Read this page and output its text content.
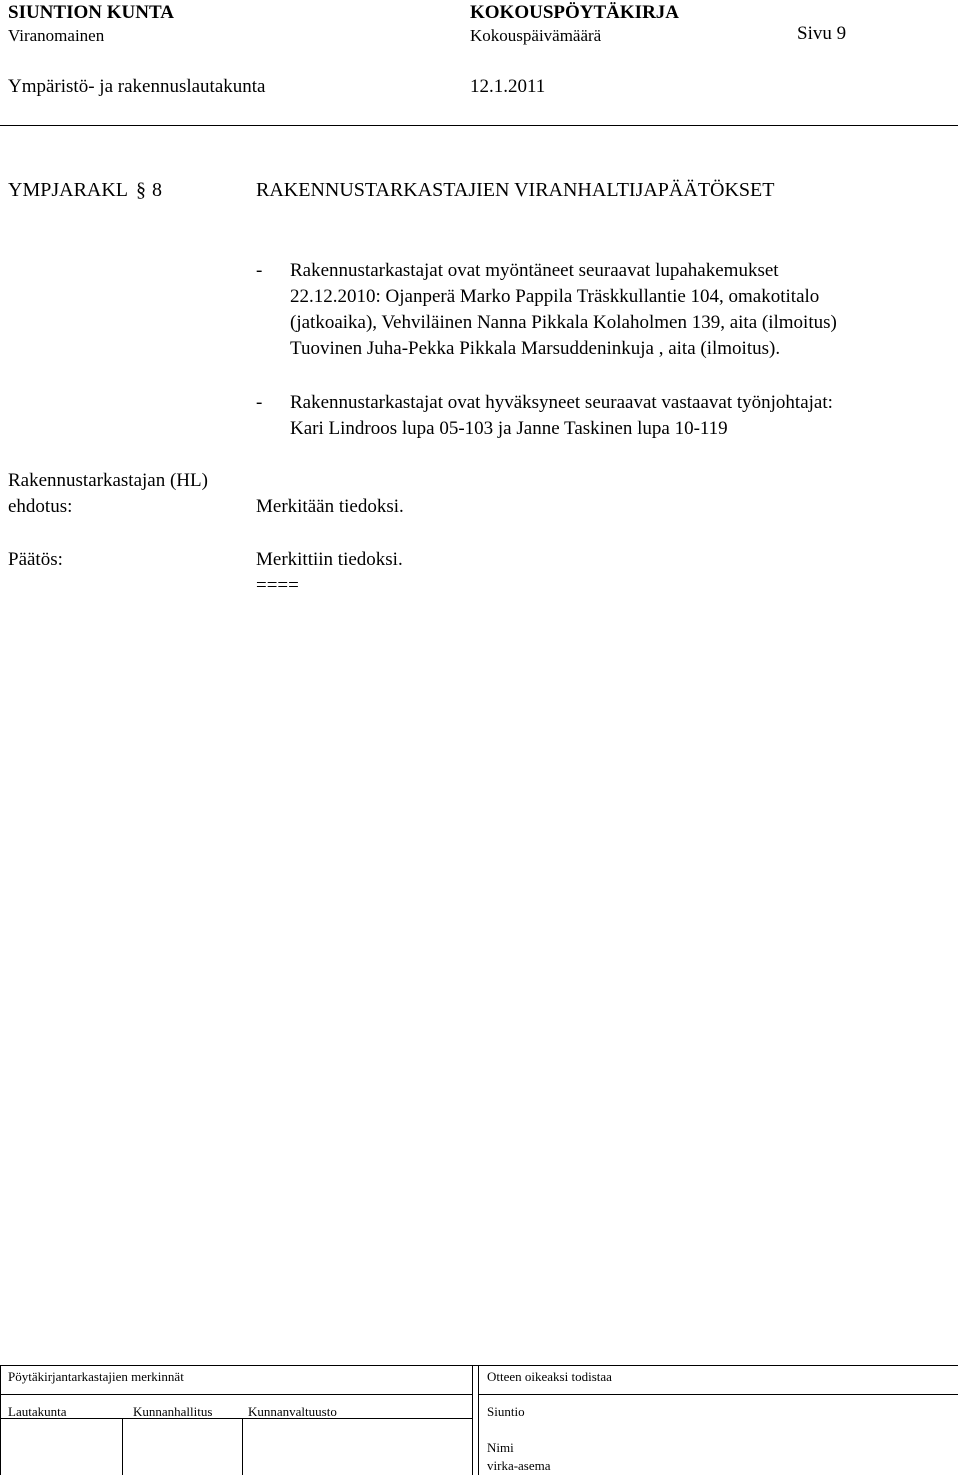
SIUNTION KUNTA	KOKOUSPÖYTÄKIRJA
Viranomainen	Kokouspäivämäärä	Sivu 9
Ympäristö- ja rakennuslautakunta	12.1.2011
YMPJARAKL § 8	RAKENNUSTARKASTAJIEN VIRANHALTIJAPÄÄTÖKSET
- Rakennustarkastajat ovat myöntäneet seuraavat lupahakemukset
22.12.2010: Ojanperä Marko Pappila Träskkullantie 104, omakotitalo
(jatkoaika), Vehviläinen Nanna Pikkala Kolaholmen 139, aita (ilmoitus)
Tuovinen Juha-Pekka Pikkala Marsuddeninkuja , aita (ilmoitus).
- Rakennustarkastajat ovat hyväksyneet seuraavat vastaavat työnjohtajat:
Kari Lindroos lupa 05-103 ja Janne Taskinen lupa 10-119
Rakennustarkastajan (HL)
ehdotus:	Merkitään tiedoksi.
Päätös:	Merkittiin tiedoksi.
====
Pöytäkirjantarkastajien merkinnät	Otteen oikeaksi todistaa
Lautakunta	Kunnanhallitus	Kunnanvaltuusto	Siuntio
Nimi
virka-asema
